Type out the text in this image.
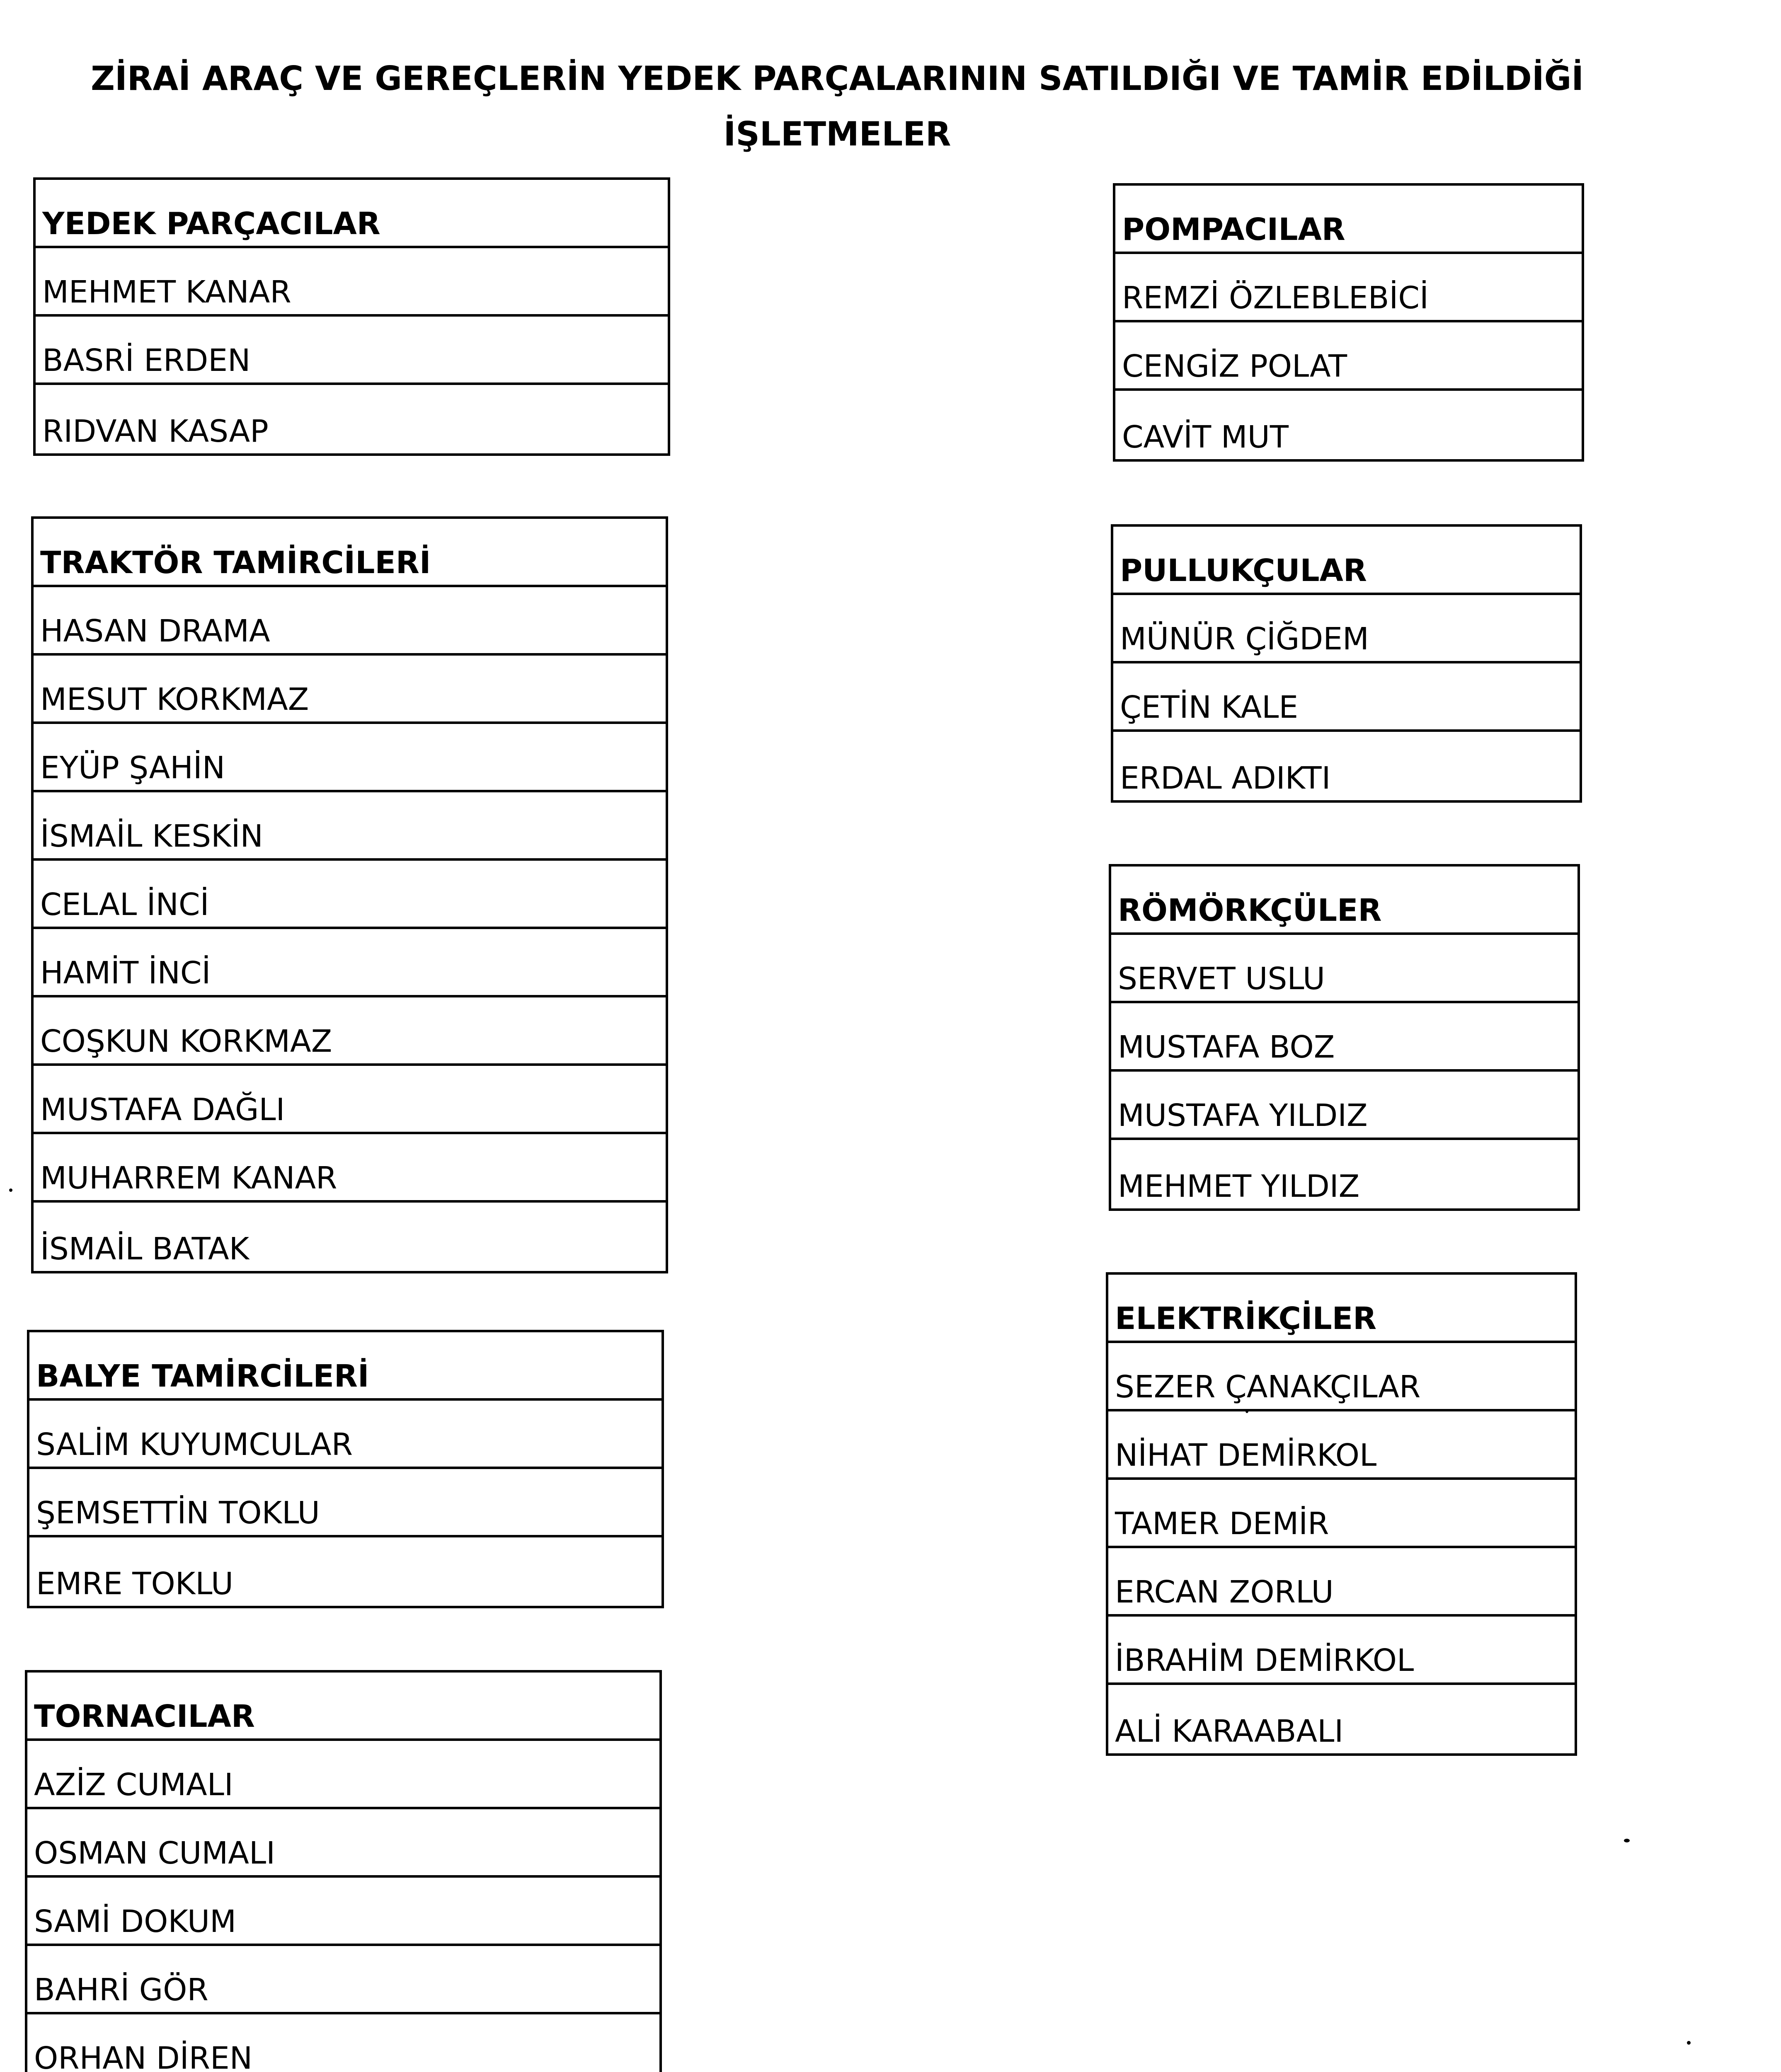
ZİRAİ ARAÇ VE GEREÇLERİN YEDEK PARÇALARININ SATILDIĞI VE TAMİR EDİLDİĞİ
İŞLETMELER
YEDEK PARÇACILAR
MEHMET KANAR
BASRİ ERDEN
RIDVAN KASAP
TRAKTÖR TAMİRCİLERİ
HASAN DRAMA
MESUT KORKMAZ
EYÜP ŞAHİN
İSMAİL KESKİN
CELAL İNCİ
HAMİT İNCİ
COŞKUN KORKMAZ
MUSTAFA DAĞLI
MUHARREM KANAR
İSMAİL BATAK
BALYE TAMİRCİLERİ
SALİM KUYUMCULAR
ŞEMSETTİN TOKLU
EMRE TOKLU
TORNACILAR
AZİZ CUMALI
OSMAN CUMALI
SAMİ DOKUM
BAHRİ GÖR
ORHAN DİREN
POMPACILAR
REMZİ ÖZLEBLEBİCİ
CENGİZ POLAT
CAVİT MUT
PULLUKÇULAR
MÜNÜR ÇİĞDEM
ÇETİN KALE
ERDAL ADIKTI
RÖMÖRKÇÜLER
SERVET USLU
MUSTAFA BOZ
MUSTAFA YILDIZ
MEHMET YILDIZ
ELEKTRİKÇİLER
SEZER ÇANAKÇILAR
NİHAT DEMİRKOL
TAMER DEMİR
ERCAN ZORLU
İBRAHİM DEMİRKOL
ALİ KARAABALI
